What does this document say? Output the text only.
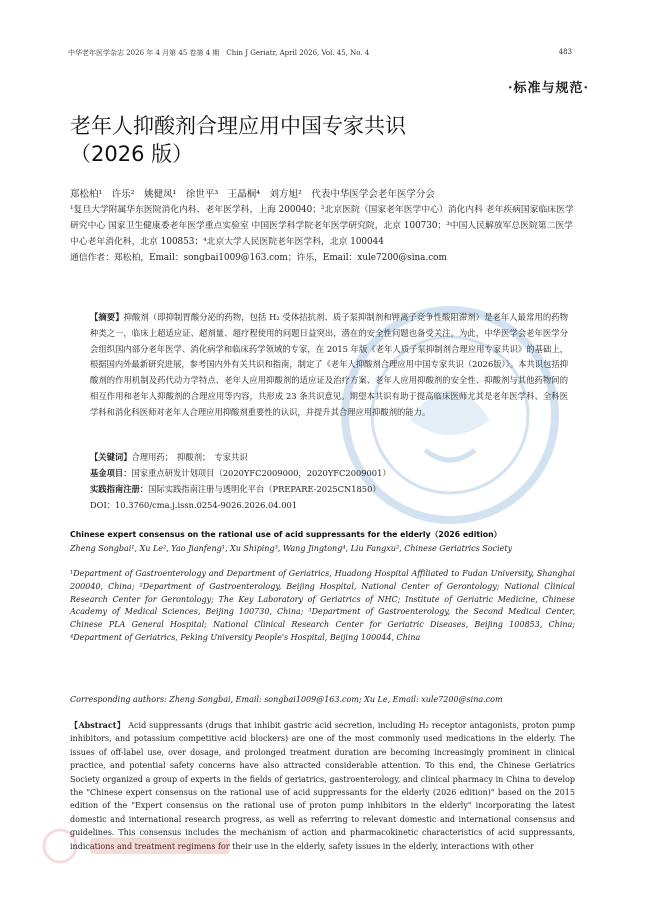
中华老年医学杂志 2026 年 4 月第 45 卷第 4 期　Chin J Geriatr, April 2026, Vol. 45, No. 4	483
·标准与规范·
老年人抑酸剂合理应用中国专家共识
（2026 版）
郑松柏¹　许乐²　姚健凤¹　徐世平³　王晶桐⁴　刘方旭²　代表中华医学会老年医学分会
¹复旦大学附属华东医院消化内科、老年医学科，上海 200040；²北京医院（国家老年医学中心）消化内科 老年疾病国家临床医学研究中心 国家卫生健康委老年医学重点实验室 中国医学科学院老年医学研究院，北京 100730；³中国人民解放军总医院第二医学中心老年消化科，北京 100853；⁴北京大学人民医院老年医学科，北京 100044
通信作者：郑松柏，Email：songbai1009@163.com；许乐，Email：xule7200@sina.com
【摘要】抑酸剂（即抑制胃酸分泌的药物，包括 H₂ 受体拮抗剂、质子泵抑制剂和钾离子竞争性酸阻滞剂）是老年人最常用的药物种类之一，临床上超适应证、超剂量、超疗程使用的问题日益突出，潜在的安全性问题也备受关注。为此，中华医学会老年医学分会组织国内部分老年医学、消化病学和临床药学领域的专家，在 2015 年版《老年人质子泵抑制剂合理应用专家共识》的基础上，根据国内外最新研究进展，参考国内外有关共识和指南，制定了《老年人抑酸剂合理应用中国专家共识（2026版）》。本共识包括抑酸剂的作用机制及药代动力学特点、老年人应用抑酸剂的适应证及治疗方案、老年人应用抑酸剂的安全性、抑酸剂与其他药物间的相互作用和老年人抑酸剂的合理应用等内容，共形成 23 条共识意见。期望本共识有助于提高临床医师尤其是老年医学科、全科医学科和消化科医师对老年人合理应用抑酸剂重要性的认识，并提升其合理应用抑酸剂的能力。
【关键词】合理用药；　抑酸剂；　专家共识
基金项目：国家重点研发计划项目（2020YFC2009000，2020YFC2009001）
实践指南注册：国际实践指南注册与透明化平台（PREPARE-2025CN1850）
DOI：10.3760/cma.j.issn.0254-9026.2026.04.001
Chinese expert consensus on the rational use of acid suppressants for the elderly（2026 edition）
Zheng Songbai¹, Xu Le², Yao Jianfeng¹, Xu Shiping³, Wang Jingtong⁴, Liu Fangxu², Chinese Geriatrics Society
¹Department of Gastroenterology and Department of Geriatrics, Huadong Hospital Affiliated to Fudan University, Shanghai 200040, China; ²Department of Gastroenterology, Beijing Hospital, National Center of Gerontology; National Clinical Research Center for Gerontology; The Key Laboratory of Geriatrics of NHC; Institute of Geriatric Medicine, Chinese Academy of Medical Sciences, Beijing 100730, China; ³Department of Gastroenterology, the Second Medical Center, Chinese PLA General Hospital; National Clinical Research Center for Geriatric Diseases, Beijing 100853, China; ⁴Department of Geriatrics, Peking University People's Hospital, Beijing 100044, China
Corresponding authors: Zheng Songbai, Email: songbai1009@163.com; Xu Le, Email: xule7200@sina.com
【Abstract】 Acid suppressants (drugs that inhibit gastric acid secretion, including H₂ receptor antagonists, proton pump inhibitors, and potassium competitive acid blockers) are one of the most commonly used medications in the elderly. The issues of off-label use, over dosage, and prolonged treatment duration are becoming increasingly prominent in clinical practice, and potential safety concerns have also attracted considerable attention. To this end, the Chinese Geriatrics Society organized a group of experts in the fields of geriatrics, gastroenterology, and clinical pharmacy in China to develop the "Chinese expert consensus on the rational use of acid suppressants for the elderly (2026 edition)" based on the 2015 edition of the "Expert consensus on the rational use of proton pump inhibitors in the elderly" incorporating the latest domestic and international research progress, as well as referring to relevant domestic and international consensus and guidelines. This consensus includes the mechanism of action and pharmacokinetic characteristics of acid suppressants, indications and treatment regimens for their use in the elderly, safety issues in the elderly, interactions with other
